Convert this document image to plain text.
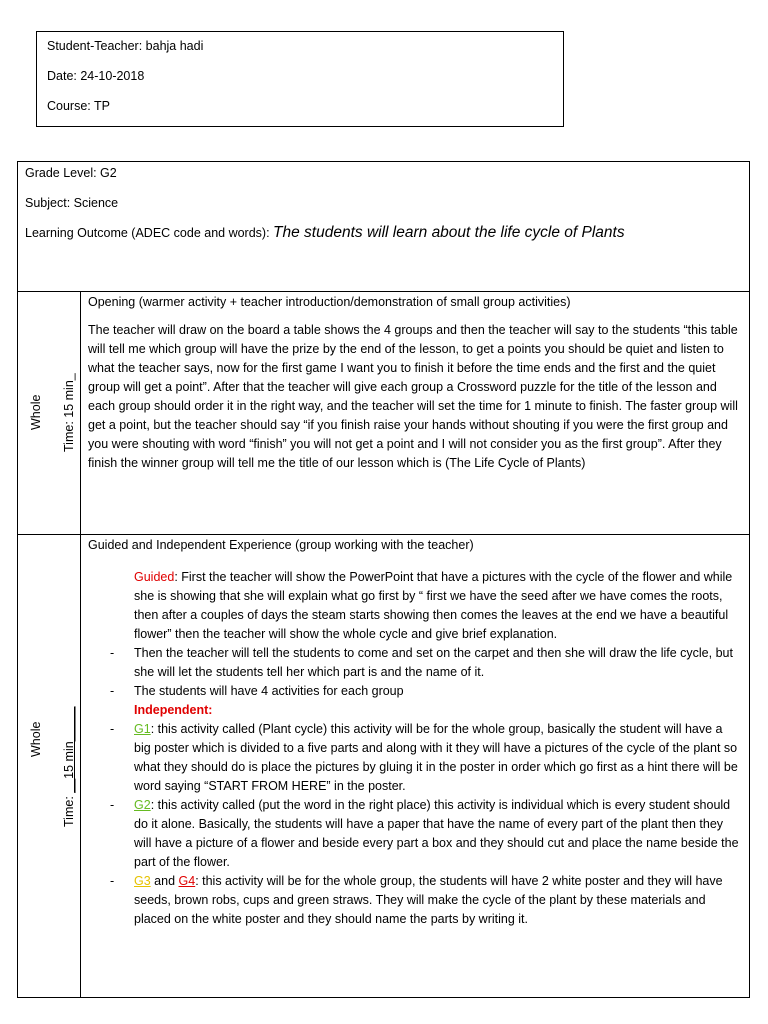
Student-Teacher: bahja hadi

Date: 24-10-2018

Course: TP

Grade Level: G2

Subject: Science

Learning Outcome (ADEC code and words): The students will learn about the life cycle of Plants

Whole Time: 15 min_
Opening (warmer activity + teacher introduction/demonstration of small group activities)

The teacher will draw on the board a table shows the 4 groups and then the teacher will say to the students “this table will tell me which group will have the prize by the end of the lesson, to get a points you should be quiet and listen to what the teacher says, now for the first game I want you to finish it before the time ends and the first and the quiet group will get a point”. After that the teacher will give each group a Crossword puzzle for the title of the lesson and each group should order it in the right way, and the teacher will set the time for 1 minute to finish. The faster group will get a point, but the teacher should say “if you finish raise your hands without shouting if you were the first group and you were shouting with word “finish” you will not get a point and I will not consider you as the first group”. After they finish the winner group will tell me the title of our lesson which is (The Life Cycle of Plants)

Whole
Time: __15 min_____
Guided and Independent Experience (group working with the teacher)
Guided: First the teacher will show the PowerPoint that have a pictures with the cycle of the flower and while she is showing that she will explain what go first by “ first we have the seed after we have comes the roots, then after a couples of days the steam starts showing then comes the leaves at the end we have a beautiful flower” then the teacher will show the whole cycle and give brief explanation.
- Then the teacher will tell the students to come and set on the carpet and then she will draw the life cycle, but she will let the students tell her which part is and the name of it.
- The students will have 4 activities for each group
Independent:
- G1: this activity called (Plant cycle) this activity will be for the whole group, basically the student will have a big poster which is divided to a five parts and along with it they will have a pictures of the cycle of the plant so what they should do is place the pictures by gluing it in the poster in order which go first as a hint there will be word saying “START FROM HERE” in the poster.
- G2: this activity called (put the word in the right place) this activity is individual which is every student should do it alone. Basically, the students will have a paper that have the name of every part of the plant then they will have a picture of a flower and beside every part a box and they should cut and place the name beside the part of the flower.
- G3 and G4: this activity will be for the whole group, the students will have 2 white poster and they will have seeds, brown robs, cups and green straws. They will make the cycle of the plant by these materials and placed on the white poster and they should name the parts by writing it.
